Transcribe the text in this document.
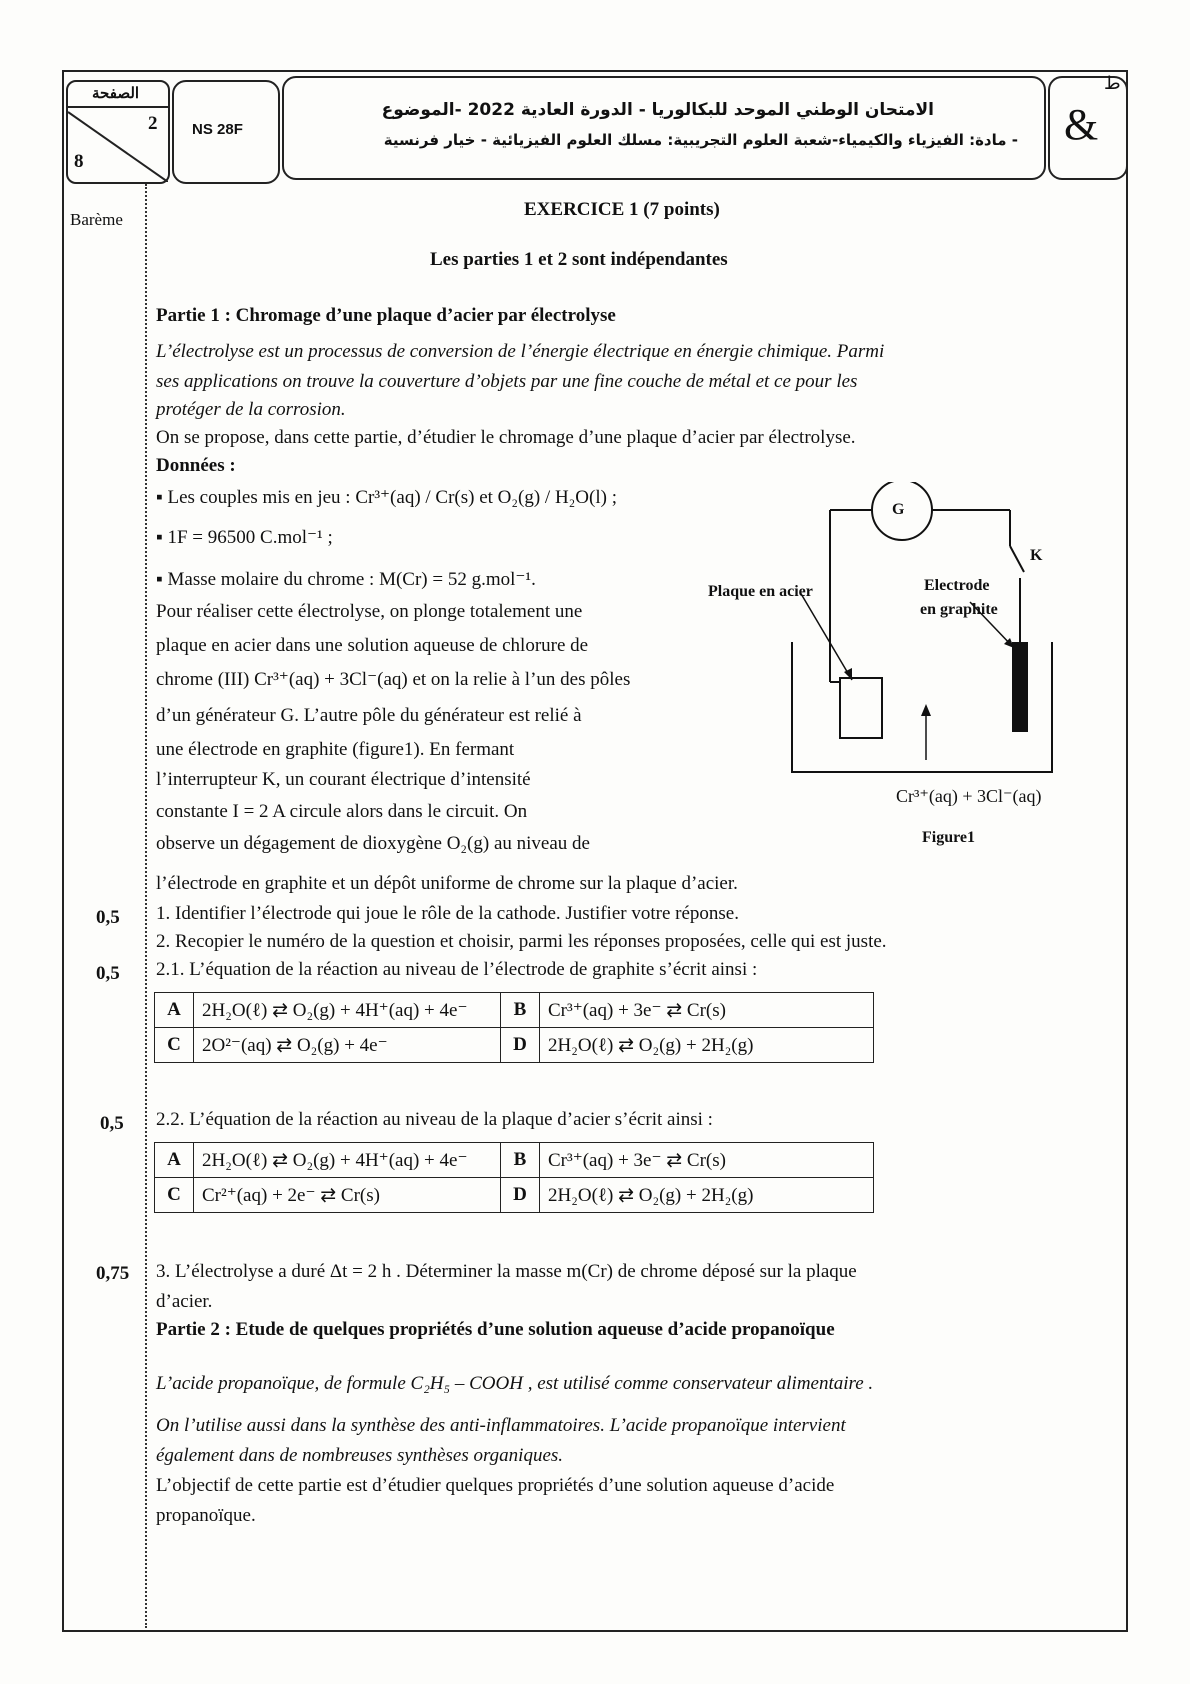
الصفحة
2
8
NS 28F
الامتحان الوطني الموحد للبكالوريا - الدورة العادية 2022 -الموضوع
- مادة: الفيزياء والكيمياء-شعبة العلوم التجريبية: مسلك العلوم الفيزيائية - خيار فرنسية &
ط
Barème	EXERCICE 1 (7 points)
Les parties 1 et 2 sont indépendantes
Partie 1 : Chromage d’une plaque d’acier par électrolyse
L’électrolyse est un processus de conversion de l’énergie électrique en énergie chimique. Parmi
ses applications on trouve la couverture d’objets par une fine couche de métal et ce pour les
protéger de la corrosion.
On se propose, dans cette partie, d’étudier le chromage d’une plaque d’acier par électrolyse.
Données :
▪ Les couples mis en jeu : Cr³⁺(aq) / Cr(s) et O₂(g) / H₂O(l) ;
▪ 1F = 96500 C.mol⁻¹ ;
▪ Masse molaire du chrome : M(Cr) = 52 g.mol⁻¹.
Pour réaliser cette électrolyse, on plonge totalement une
plaque en acier dans une solution aqueuse de chlorure de
chrome (III) Cr³⁺(aq) + 3Cl⁻(aq) et on la relie à l’un des pôles
d’un générateur G. L’autre pôle du générateur est relié à
une électrode en graphite (figure1). En fermant
l’interrupteur K, un courant électrique d’intensité
constante I = 2 A circule alors dans le circuit. On
observe un dégagement de dioxygène O₂(g) au niveau de
l’électrode en graphite et un dépôt uniforme de chrome sur la plaque d’acier.
G
K
Plaque en acier	Electrode
en graphite
Cr³⁺(aq) + 3Cl⁻(aq)
Figure1
0,5 1. Identifier l’électrode qui joue le rôle de la cathode. Justifier votre réponse.
2. Recopier le numéro de la question et choisir, parmi les réponses proposées, celle qui est juste.
0,5 2.1. L’équation de la réaction au niveau de l’électrode de graphite s’écrit ainsi :
A	2H₂O(ℓ) ⇄ O₂(g) + 4H⁺(aq) + 4e⁻	B	Cr³⁺(aq) + 3e⁻ ⇄ Cr(s)
C	2O²⁻(aq) ⇄ O₂(g) + 4e⁻	D	2H₂O(ℓ) ⇄ O₂(g) + 2H₂(g)
0,5 2.2. L’équation de la réaction au niveau de la plaque d’acier s’écrit ainsi :
A	2H₂O(ℓ) ⇄ O₂(g) + 4H⁺(aq) + 4e⁻	B	Cr³⁺(aq) + 3e⁻ ⇄ Cr(s)
C	Cr²⁺(aq) + 2e⁻ ⇄ Cr(s)	D	2H₂O(ℓ) ⇄ O₂(g) + 2H₂(g)
0,75 3. L’électrolyse a duré Δt = 2 h . Déterminer la masse m(Cr) de chrome déposé sur la plaque
d’acier.
Partie 2 : Etude de quelques propriétés d’une solution aqueuse d’acide propanoïque
L’acide propanoïque, de formule C₂H₅ – COOH , est utilisé comme conservateur alimentaire .
On l’utilise aussi dans la synthèse des anti-inflammatoires. L’acide propanoïque intervient
également dans de nombreuses synthèses organiques.
L’objectif de cette partie est d’étudier quelques propriétés d’une solution aqueuse d’acide
propanoïque.
